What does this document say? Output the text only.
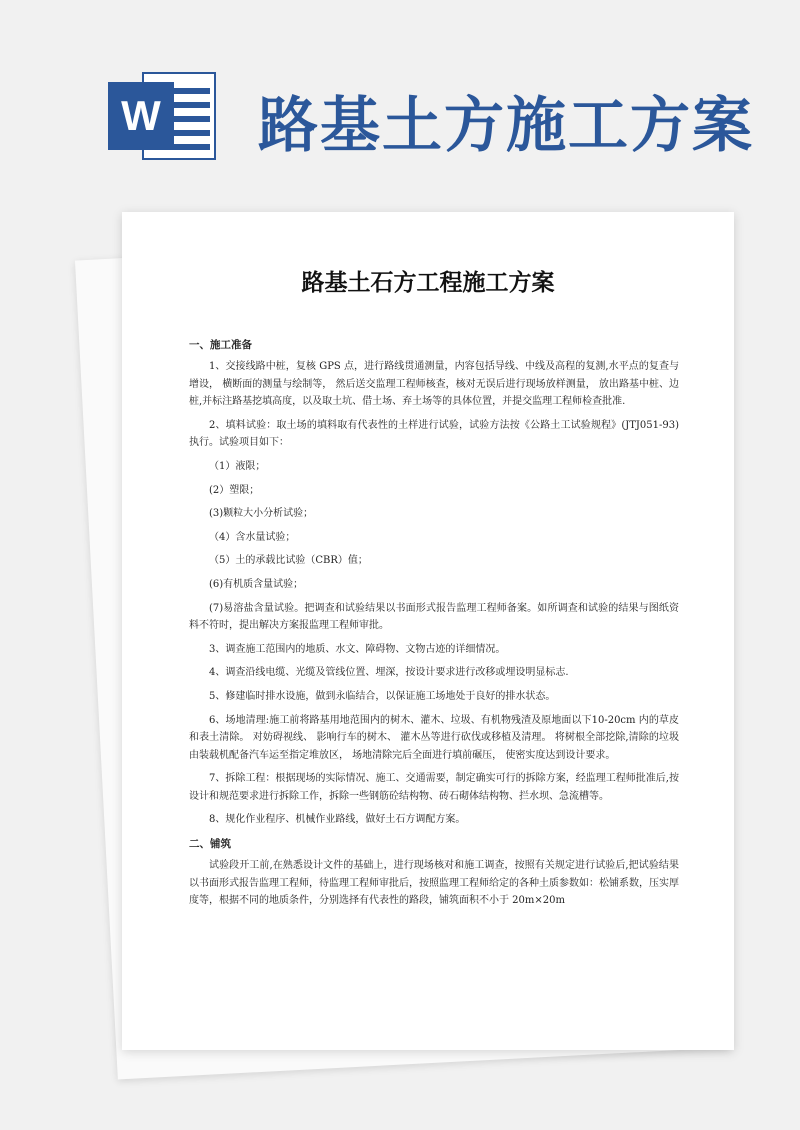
W 路基土方施工方案
路基土石方工程施工方案
一、施工准备
1、交接线路中桩，复核 GPS 点，进行路线贯通测量，内容包括导线、中线及高程的复测,水平点的复查与增设， 横断面的测量与绘制等， 然后送交监理工程师核查，核对无误后进行现场放样测量， 放出路基中桩、边桩,并标注路基挖填高度，以及取土坑、借土场、弃土场等的具体位置，并提交监理工程师检查批准.
2、填料试验：取土场的填料取有代表性的土样进行试验，试验方法按《公路土工试验规程》(JTJ051-93)执行。试验项目如下：
（1）液限；
(2）塑限；
(3)颗粒大小分析试验；
（4）含水量试验；
（5）土的承载比试验（CBR）值；
(6)有机质含量试验；
(7)易溶盐含量试验。把调查和试验结果以书面形式报告监理工程师备案。如所调查和试验的结果与图纸资料不符时，提出解决方案报监理工程师审批。
3、调查施工范围内的地质、水文、障碍物、文物古迹的详细情况。
4、调查沿线电缆、光缆及管线位置、埋深，按设计要求进行改移或埋设明显标志.
5、修建临时排水设施，做到永临结合，以保证施工场地处于良好的排水状态。
6、场地清理:施工前将路基用地范围内的树木、灌木、垃圾、有机物残渣及原地面以下10-20cm 内的草皮和表土清除。 对妨碍视线、 影响行车的树木、 灌木丛等进行砍伐或移植及清理。 将树根全部挖除,清除的垃圾由装载机配备汽车运至指定堆放区， 场地清除完后全面进行填前碾压， 使密实度达到设计要求。
7、拆除工程：根据现场的实际情况、施工、交通需要，制定确实可行的拆除方案，经监理工程师批准后,按设计和规范要求进行拆除工作，拆除一些钢筋砼结构物、砖石砌体结构物、拦水坝、急流槽等。
8、规化作业程序、机械作业路线，做好土石方调配方案。
二、铺筑
试验段开工前,在熟悉设计文件的基础上，进行现场核对和施工调查，按照有关规定进行试验后,把试验结果以书面形式报告监理工程师，待监理工程师审批后，按照监理工程师给定的各种土质参数如：松铺系数，压实厚度等，根据不同的地质条件，分别选择有代表性的路段，铺筑面积不小于 20m×20m
